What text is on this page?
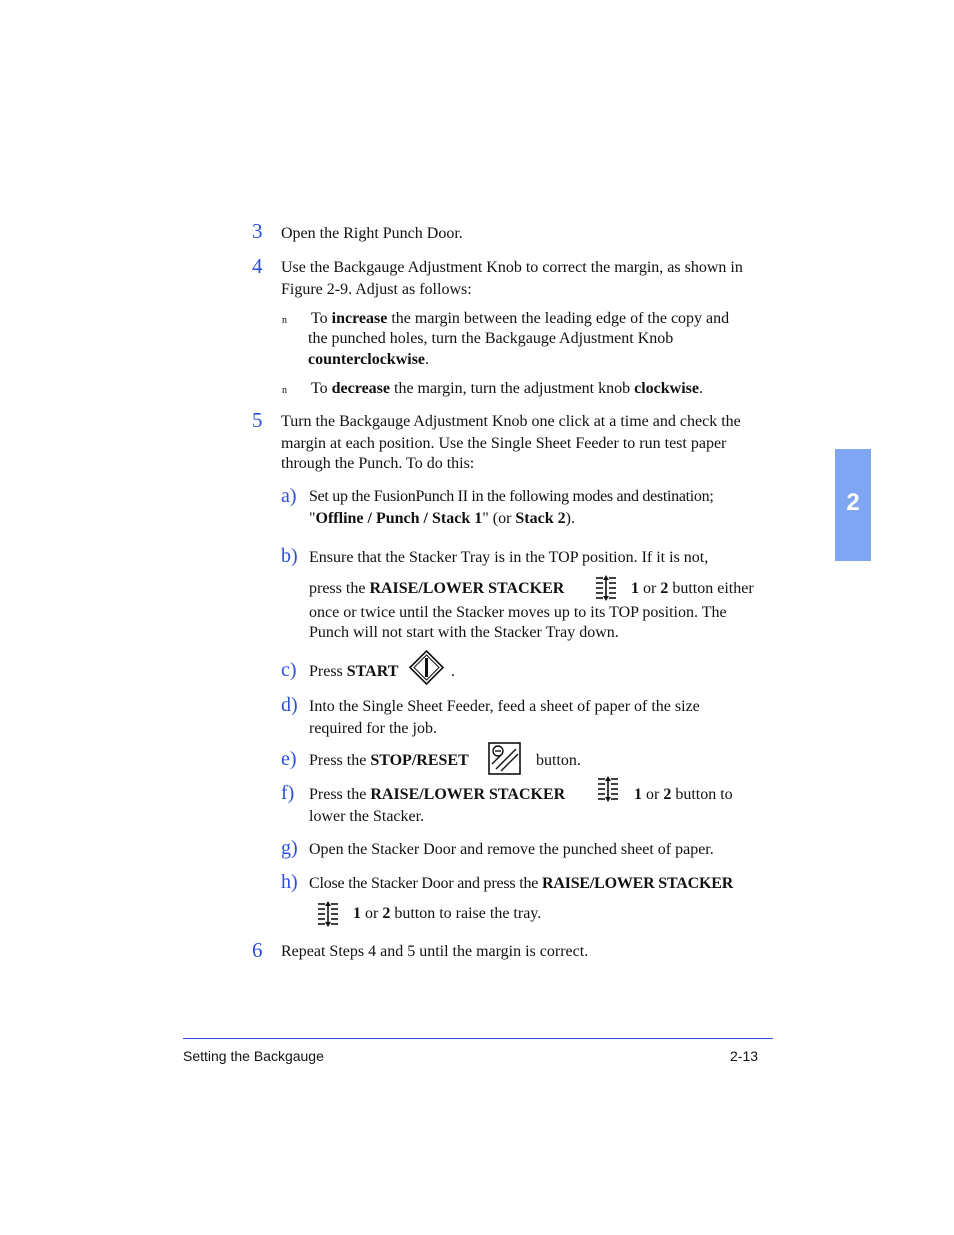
3 Open the Right Punch Door.
4 Use the Backgauge Adjustment Knob to correct the margin, as shown in
Figure 2-9. Adjust as follows:
n To increase the margin between the leading edge of the copy and
the punched holes, turn the Backgauge Adjustment Knob
counterclockwise.
n To decrease the margin, turn the adjustment knob clockwise.
5 Turn the Backgauge Adjustment Knob one click at a time and check the
margin at each position. Use the Single Sheet Feeder to run test paper
through the Punch. To do this:
a) Set up the FusionPunch II in the following modes and destination;
"Offline / Punch / Stack 1" (or Stack 2).
b) Ensure that the Stacker Tray is in the TOP position. If it is not,
press the RAISE/LOWER STACKER	1 or 2 button either
once or twice until the Stacker moves up to its TOP position. The
Punch will not start with the Stacker Tray down.
c) Press START	.
d) Into the Single Sheet Feeder, feed a sheet of paper of the size
required for the job.
e) Press the STOP/RESET	button.
f) Press the RAISE/LOWER STACKER	1 or 2 button to
lower the Stacker.
g) Open the Stacker Door and remove the punched sheet of paper.
h) Close the Stacker Door and press the RAISE/LOWER STACKER
1 or 2 button to raise the tray.
6 Repeat Steps 4 and 5 until the margin is correct.
2
Setting the Backgauge	2-13
